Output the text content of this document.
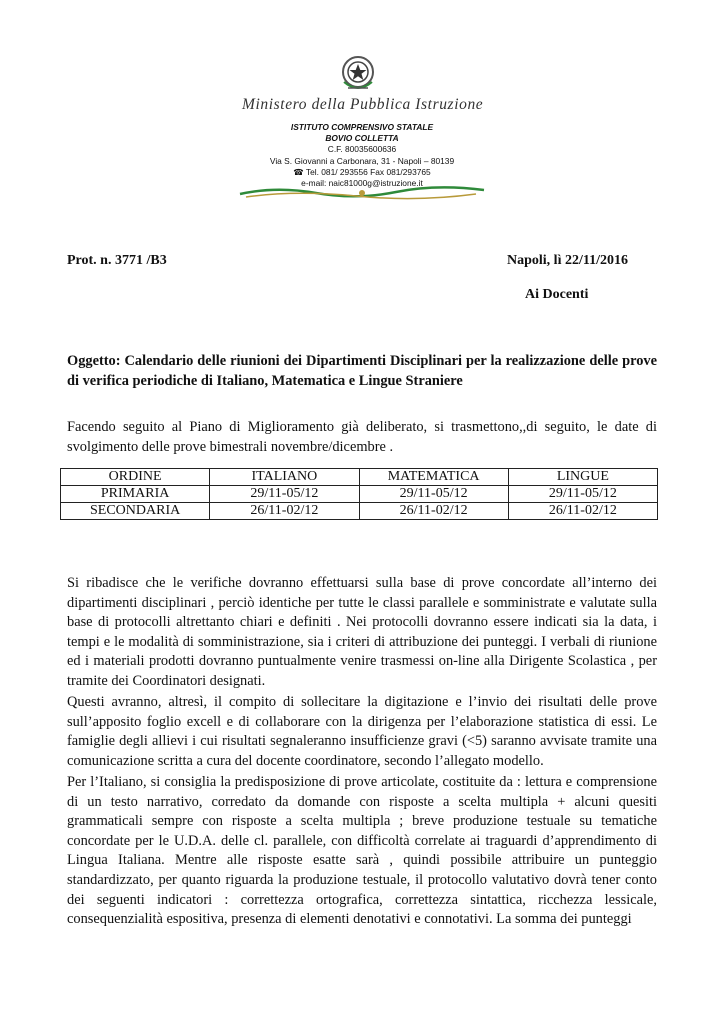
Ministero della Pubblica Istruzione
ISTITUTO COMPRENSIVO STATALE
BOVIO COLLETTA
C.F. 80035600636
Via S. Giovanni a Carbonara, 31 - Napoli – 80139
☎ Tel. 081/ 293556 Fax 081/293765
e-mail: naic81000g@istruzione.it
Prot. n. 3771 /B3	Napoli, lì 22/11/2016
Ai Docenti
Oggetto: Calendario delle riunioni dei Dipartimenti Disciplinari per la realizzazione delle prove di verifica periodiche di Italiano, Matematica e Lingue Straniere
Facendo seguito al Piano di Miglioramento già deliberato, si trasmettono,,di seguito, le date di svolgimento delle prove bimestrali novembre/dicembre .
ORDINE	ITALIANO	MATEMATICA	LINGUE
PRIMARIA	29/11-05/12	29/11-05/12	29/11-05/12
SECONDARIA	26/11-02/12	26/11-02/12	26/11-02/12
Si ribadisce che le verifiche dovranno effettuarsi sulla base di prove concordate all’interno dei dipartimenti disciplinari , perciò identiche per tutte le classi parallele e somministrate e valutate sulla base di protocolli altrettanto chiari e definiti . Nei protocolli dovranno essere indicati sia la data, i tempi e le modalità di somministrazione, sia i criteri di attribuzione dei punteggi. I verbali di riunione ed i materiali prodotti dovranno puntualmente venire trasmessi on-line alla Dirigente Scolastica , per tramite dei Coordinatori designati.
Questi avranno, altresì, il compito di sollecitare la digitazione e l’invio dei risultati delle prove sull’apposito foglio excell e di collaborare con la dirigenza per l’elaborazione statistica di essi. Le famiglie degli allievi i cui risultati segnaleranno insufficienze gravi (<5) saranno avvisate tramite una comunicazione scritta a cura del docente coordinatore, secondo l’allegato modello.
Per l’Italiano, si consiglia la predisposizione di prove articolate, costituite da : lettura e comprensione di un testo narrativo, corredato da domande con risposte a scelta multipla + alcuni quesiti grammaticali sempre con risposte a scelta multipla ; breve produzione testuale su tematiche concordate per le U.D.A. delle cl. parallele, con difficoltà correlate ai traguardi d’apprendimento di Lingua Italiana. Mentre alle risposte esatte sarà , quindi possibile attribuire un punteggio standardizzato, per quanto riguarda la produzione testuale, il protocollo valutativo dovrà tener conto dei seguenti indicatori : correttezza ortografica, correttezza sintattica, ricchezza lessicale, consequenzialità espositiva, presenza di elementi denotativi e connotativi. La somma dei punteggi
